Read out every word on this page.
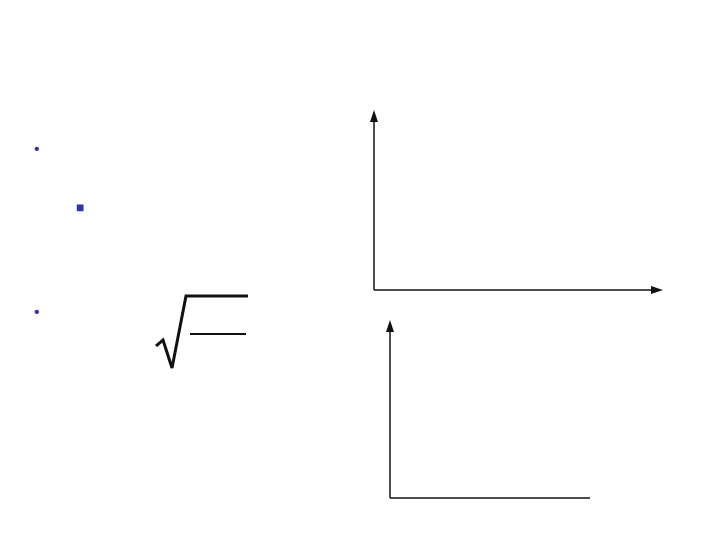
•
■
•
